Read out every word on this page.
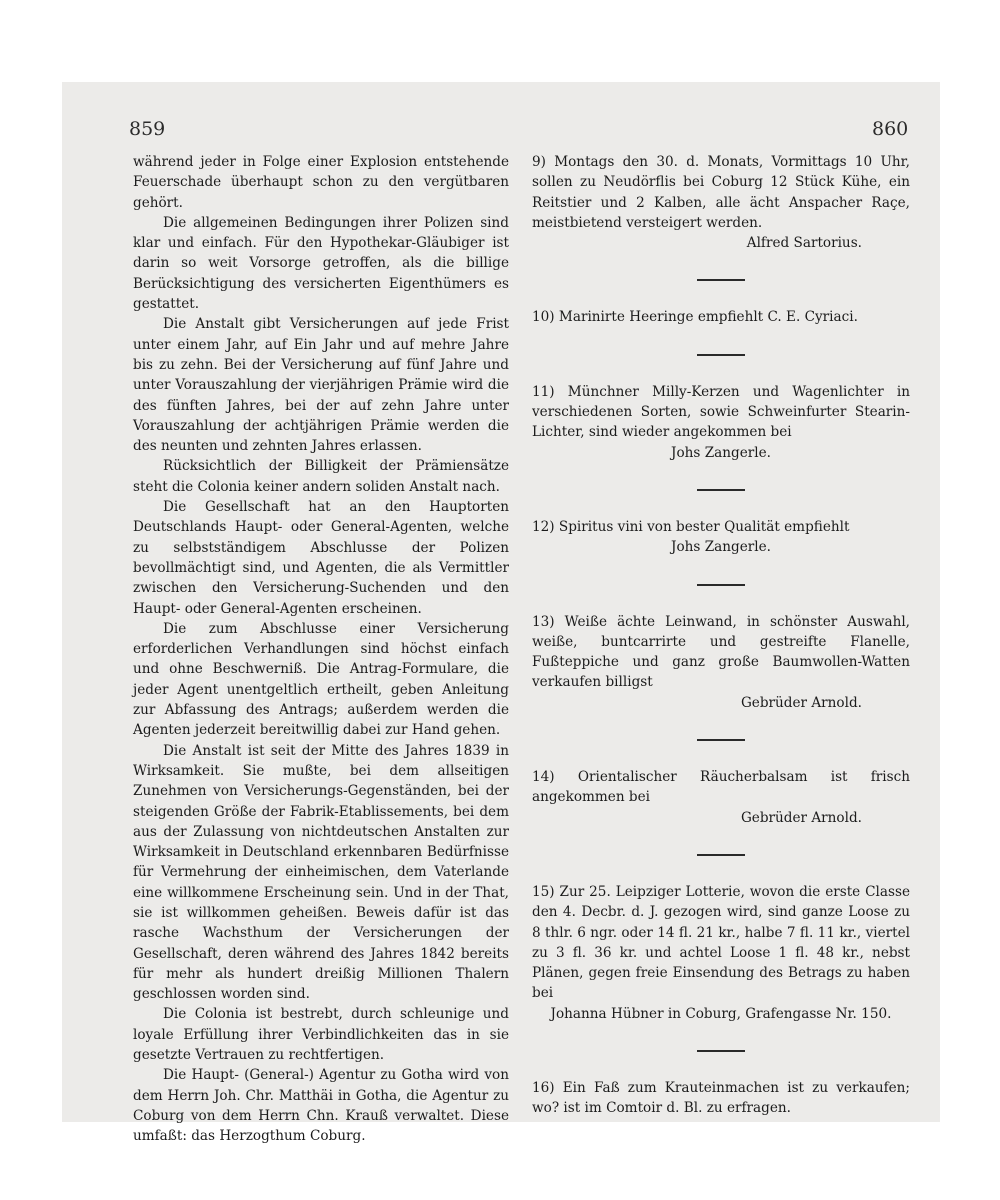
859	860

während jeder in Folge einer Explosion entstehende Feuerschade überhaupt schon zu den vergütbaren gehört.

Die allgemeinen Bedingungen ihrer Polizen sind klar und einfach. Für den Hypothekar-Gläubiger ist darin so weit Vorsorge getroffen, als die billige Berücksichtigung des versicherten Eigenthümers es gestattet.

Die Anstalt gibt Versicherungen auf jede Frist unter einem Jahr, auf Ein Jahr und auf mehre Jahre bis zu zehn. Bei der Versicherung auf fünf Jahre und unter Vorauszahlung der vierjährigen Prämie wird die des fünften Jahres, bei der auf zehn Jahre unter Vorauszahlung der achtjährigen Prämie werden die des neunten und zehnten Jahres erlassen.

Rücksichtlich der Billigkeit der Prämiensätze steht die Colonia keiner andern soliden Anstalt nach.

Die Gesellschaft hat an den Hauptorten Deutschlands Haupt- oder General-Agenten, welche zu selbstständigem Abschlusse der Polizen bevollmächtigt sind, und Agenten, die als Vermittler zwischen den Versicherung-Suchenden und den Haupt- oder General-Agenten erscheinen.

Die zum Abschlusse einer Versicherung erforderlichen Verhandlungen sind höchst einfach und ohne Beschwerniß. Die Antrag-Formulare, die jeder Agent unentgeltlich ertheilt, geben Anleitung zur Abfassung des Antrags; außerdem werden die Agenten jederzeit bereitwillig dabei zur Hand gehen.

Die Anstalt ist seit der Mitte des Jahres 1839 in Wirksamkeit. Sie mußte, bei dem allseitigen Zunehmen von Versicherungs-Gegenständen, bei der steigenden Größe der Fabrik-Etablissements, bei dem aus der Zulassung von nichtdeutschen Anstalten zur Wirksamkeit in Deutschland erkennbaren Bedürfnisse für Vermehrung der einheimischen, dem Vaterlande eine willkommene Erscheinung sein. Und in der That, sie ist willkommen geheißen. Beweis dafür ist das rasche Wachsthum der Versicherungen der Gesellschaft, deren während des Jahres 1842 bereits für mehr als hundert dreißig Millionen Thalern geschlossen worden sind.

Die Colonia ist bestrebt, durch schleunige und loyale Erfüllung ihrer Verbindlichkeiten das in sie gesetzte Vertrauen zu rechtfertigen.

Die Haupt- (General-) Agentur zu Gotha wird von dem Herrn Joh. Chr. Matthäi in Gotha, die Agentur zu Coburg von dem Herrn Chn. Krauß verwaltet. Diese umfaßt: das Herzogthum Coburg.

9) Montags den 30. d. Monats, Vormittags 10 Uhr, sollen zu Neudörflis bei Coburg 12 Stück Kühe, ein Reitstier und 2 Kalben, alle ächt Anspacher Raçe, meistbietend versteigert werden.

Alfred Sartorius.

10) Marinirte Heeringe empfiehlt C. E. Cyriaci.

11) Münchner Milly-Kerzen und Wagenlichter in verschiedenen Sorten, sowie Schweinfurter Stearin-Lichter, sind wieder angekommen bei

Johs Zangerle.

12) Spiritus vini von bester Qualität empfiehlt

Johs Zangerle.

13) Weiße ächte Leinwand, in schönster Auswahl, weiße, buntcarrirte und gestreifte Flanelle, Fußteppiche und ganz große Baumwollen-Watten verkaufen billigst

Gebrüder Arnold.

14) Orientalischer Räucherbalsam ist frisch angekommen bei

Gebrüder Arnold.

15) Zur 25. Leipziger Lotterie, wovon die erste Classe den 4. Decbr. d. J. gezogen wird, sind ganze Loose zu 8 thlr. 6 ngr. oder 14 fl. 21 kr., halbe 7 fl. 11 kr., viertel zu 3 fl. 36 kr. und achtel Loose 1 fl. 48 kr., nebst Plänen, gegen freie Einsendung des Betrags zu haben bei

Johanna Hübner in Coburg, Grafengasse Nr. 150.

16) Ein Faß zum Krauteinmachen ist zu verkaufen; wo? ist im Comtoir d. Bl. zu erfragen.
